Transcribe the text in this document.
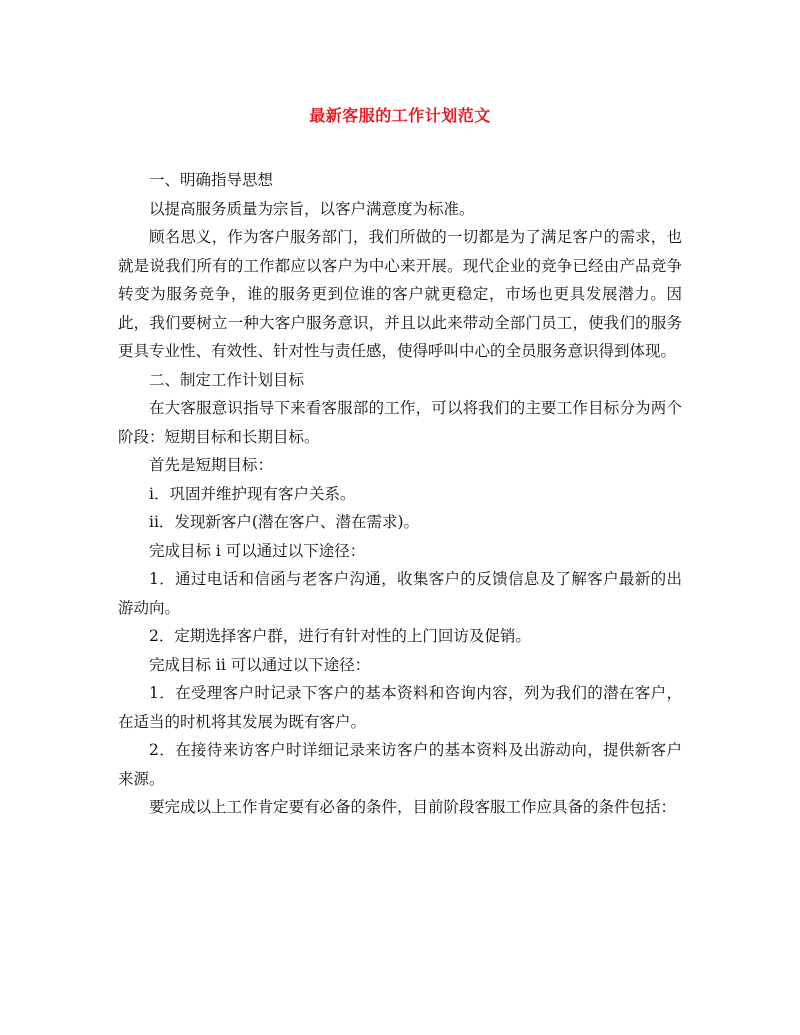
最新客服的工作计划范文

一、明确指导思想

以提高服务质量为宗旨，以客户满意度为标准。

顾名思义，作为客户服务部门，我们所做的一切都是为了满足客户的需求，也就是说我们所有的工作都应以客户为中心来开展。现代企业的竞争已经由产品竞争转变为服务竞争，谁的服务更到位谁的客户就更稳定，市场也更具发展潜力。因此，我们要树立一种大客户服务意识，并且以此来带动全部门员工，使我们的服务更具专业性、有效性、针对性与责任感，使得呼叫中心的全员服务意识得到体现。

二、制定工作计划目标

在大客服意识指导下来看客服部的工作，可以将我们的主要工作目标分为两个阶段：短期目标和长期目标。

首先是短期目标：

i．巩固并维护现有客户关系。

ii．发现新客户(潜在客户、潜在需求)。

完成目标 i 可以通过以下途径：

1．通过电话和信函与老客户沟通，收集客户的反馈信息及了解客户最新的出游动向。

2．定期选择客户群，进行有针对性的上门回访及促销。

完成目标 ii 可以通过以下途径：

1．在受理客户时记录下客户的基本资料和咨询内容，列为我们的潜在客户，在适当的时机将其发展为既有客户。

2．在接待来访客户时详细记录来访客户的基本资料及出游动向，提供新客户来源。

要完成以上工作肯定要有必备的条件，目前阶段客服工作应具备的条件包括：
